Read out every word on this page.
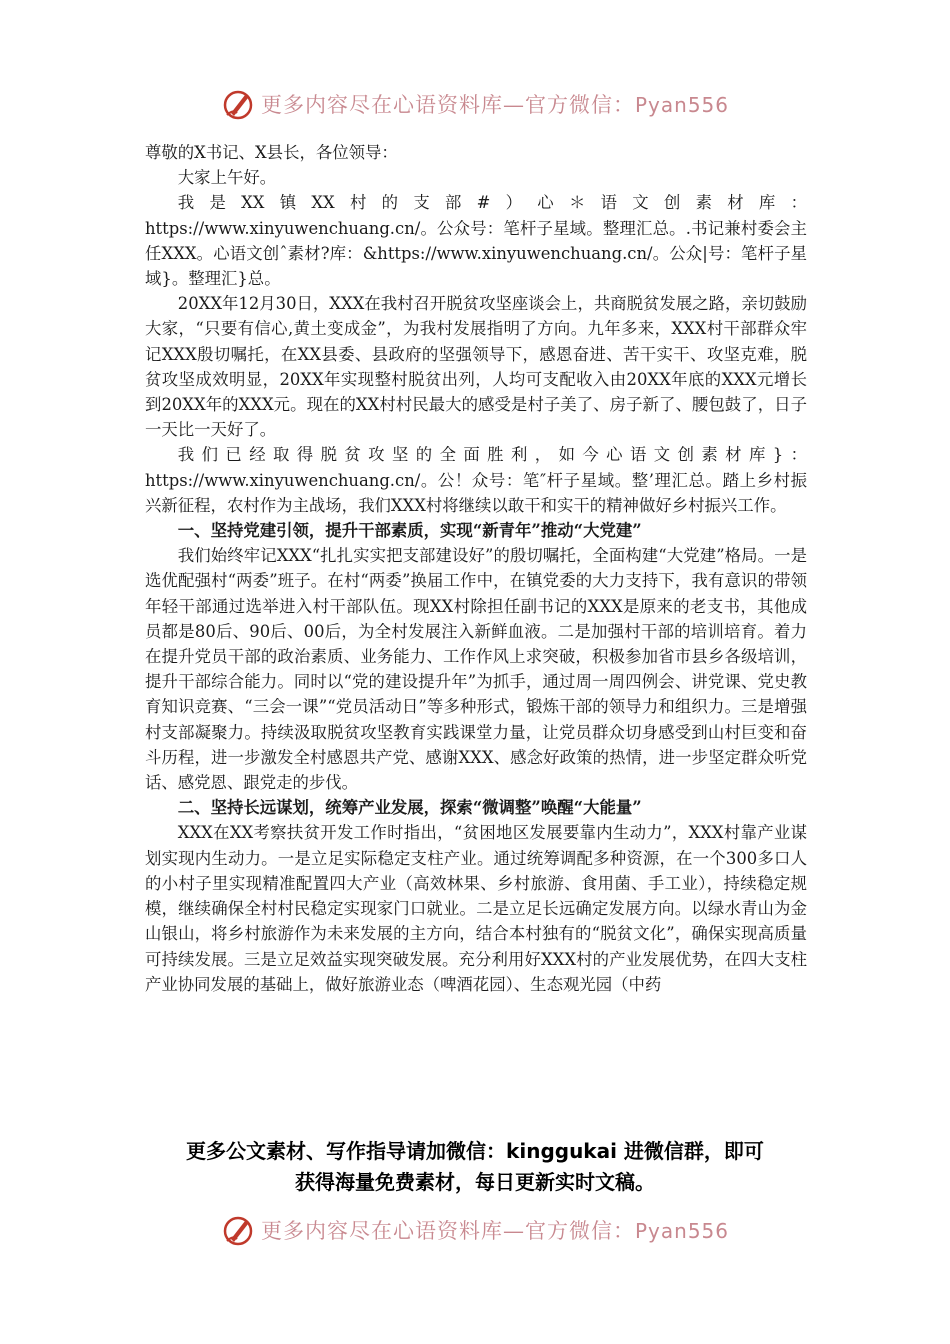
更多内容尽在心语资料库—官方微信：Pyan556

尊敬的X书记、X县长，各位领导：

大家上午好。

我是XX镇XX村的支部#）心＊语文创素材库：https://www.xinyuwenchuang.cn/。公众号：笔杆子星域。整理汇总。.书记兼村委会主任XXX。心语文创ˆ素材?库：&https://www.xinyuwenchuang.cn/。公众|号：笔杆子星域}。整理汇}总。

20XX年12月30日，XXX在我村召开脱贫攻坚座谈会上，共商脱贫发展之路，亲切鼓励大家，“只要有信心,黄土变成金”，为我村发展指明了方向。九年多来，XXX村干部群众牢记XXX殷切嘱托，在XX县委、县政府的坚强领导下，感恩奋进、苦干实干、攻坚克难，脱贫攻坚成效明显，20XX年实现整村脱贫出列，人均可支配收入由20XX年底的XXX元增长到20XX年的XXX元。现在的XX村村民最大的感受是村子美了、房子新了、腰包鼓了，日子一天比一天好了。

我们已经取得脱贫攻坚的全面胜利，如今心语文创素材库}：https://www.xinyuwenchuang.cn/。公！众号：笔″杆子星域。整’理汇总。踏上乡村振兴新征程，农村作为主战场，我们XXX村将继续以敢干和实干的精神做好乡村振兴工作。

一、坚持党建引领，提升干部素质，实现“新青年”推动“大党建”

我们始终牢记XXX“扎扎实实把支部建设好”的殷切嘱托，全面构建“大党建”格局。一是选优配强村“两委”班子。在村“两委”换届工作中，在镇党委的大力支持下，我有意识的带领年轻干部通过选举进入村干部队伍。现XX村除担任副书记的XXX是原来的老支书，其他成员都是80后、90后、00后，为全村发展注入新鲜血液。二是加强村干部的培训培育。着力在提升党员干部的政治素质、业务能力、工作作风上求突破，积极参加省市县乡各级培训，提升干部综合能力。同时以“党的建设提升年”为抓手，通过周一周四例会、讲党课、党史教育知识竞赛、“三会一课”“党员活动日”等多种形式，锻炼干部的领导力和组织力。三是增强村支部凝聚力。持续汲取脱贫攻坚教育实践课堂力量，让党员群众切身感受到山村巨变和奋斗历程，进一步激发全村感恩共产党、感谢XXX、感念好政策的热情，进一步坚定群众听党话、感党恩、跟党走的步伐。

二、坚持长远谋划，统筹产业发展，探索“微调整”唤醒“大能量”

XXX在XX考察扶贫开发工作时指出，“贫困地区发展要靠内生动力”，XXX村靠产业谋划实现内生动力。一是立足实际稳定支柱产业。通过统筹调配多种资源，在一个300多口人的小村子里实现精准配置四大产业（高效林果、乡村旅游、食用菌、手工业），持续稳定规模，继续确保全村村民稳定实现家门口就业。二是立足长远确定发展方向。以绿水青山为金山银山，将乡村旅游作为未来发展的主方向，结合本村独有的“脱贫文化”，确保实现高质量可持续发展。三是立足效益实现突破发展。充分利用好XXX村的产业发展优势，在四大支柱产业协同发展的基础上，做好旅游业态（啤酒花园）、生态观光园（中药

更多公文素材、写作指导请加微信：kinggukai 进微信群，即可
获得海量免费素材，每日更新实时文稿。
更多内容尽在心语资料库—官方微信：Pyan556
